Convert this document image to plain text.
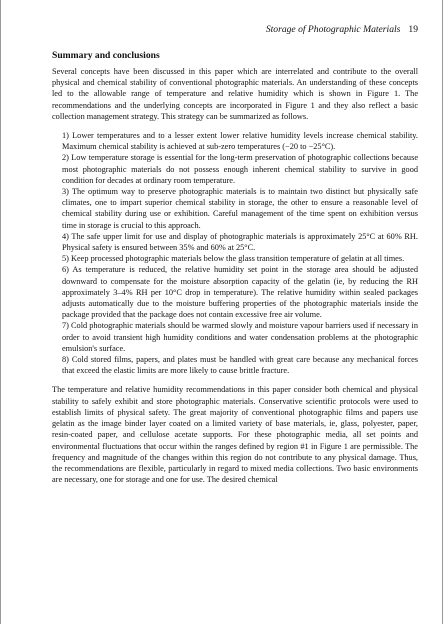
Storage of Photographic Materials 19
Summary and conclusions

Several concepts have been discussed in this paper which are interrelated and contribute to the overall physical and chemical stability of conventional photographic materials. An understanding of these concepts led to the allowable range of temperature and relative humidity which is shown in Figure 1. The recommendations and the underlying concepts are incorporated in Figure 1 and they also reflect a basic collection management strategy. This strategy can be summarized as follows.

1) Lower temperatures and to a lesser extent lower relative humidity levels increase chemical stability. Maximum chemical stability is achieved at sub-zero temperatures (−20 to −25°C).

2) Low temperature storage is essential for the long-term preservation of photographic collections because most photographic materials do not possess enough inherent chemical stability to survive in good condition for decades at ordinary room temperature.

3) The optimum way to preserve photographic materials is to maintain two distinct but physically safe climates, one to impart superior chemical stability in storage, the other to ensure a reasonable level of chemical stability during use or exhibition. Careful management of the time spent on exhibition versus time in storage is crucial to this approach.

4) The safe upper limit for use and display of photographic materials is approximately 25°C at 60% RH. Physical safety is ensured between 35% and 60% at 25°C.

5) Keep processed photographic materials below the glass transition temperature of gelatin at all times.

6) As temperature is reduced, the relative humidity set point in the storage area should be adjusted downward to compensate for the moisture absorption capacity of the gelatin (ie, by reducing the RH approximately 3–4% RH per 10°C drop in temperature). The relative humidity within sealed packages adjusts automatically due to the moisture buffering properties of the photographic materials inside the package provided that the package does not contain excessive free air volume.

7) Cold photographic materials should be warmed slowly and moisture vapour barriers used if necessary in order to avoid transient high humidity conditions and water condensation problems at the photographic emulsion's surface.

8) Cold stored films, papers, and plates must be handled with great care because any mechanical forces that exceed the elastic limits are more likely to cause brittle fracture.

The temperature and relative humidity recommendations in this paper consider both chemical and physical stability to safely exhibit and store photographic materials. Conservative scientific protocols were used to establish limits of physical safety. The great majority of conventional photographic films and papers use gelatin as the image binder layer coated on a limited variety of base materials, ie, glass, polyester, paper, resin-coated paper, and cellulose acetate supports. For these photographic media, all set points and environmental fluctuations that occur within the ranges defined by region #1 in Figure 1 are permissible. The frequency and magnitude of the changes within this region do not contribute to any physical damage. Thus, the recommendations are flexible, particularly in regard to mixed media collections. Two basic environments are necessary, one for storage and one for use. The desired chemical
